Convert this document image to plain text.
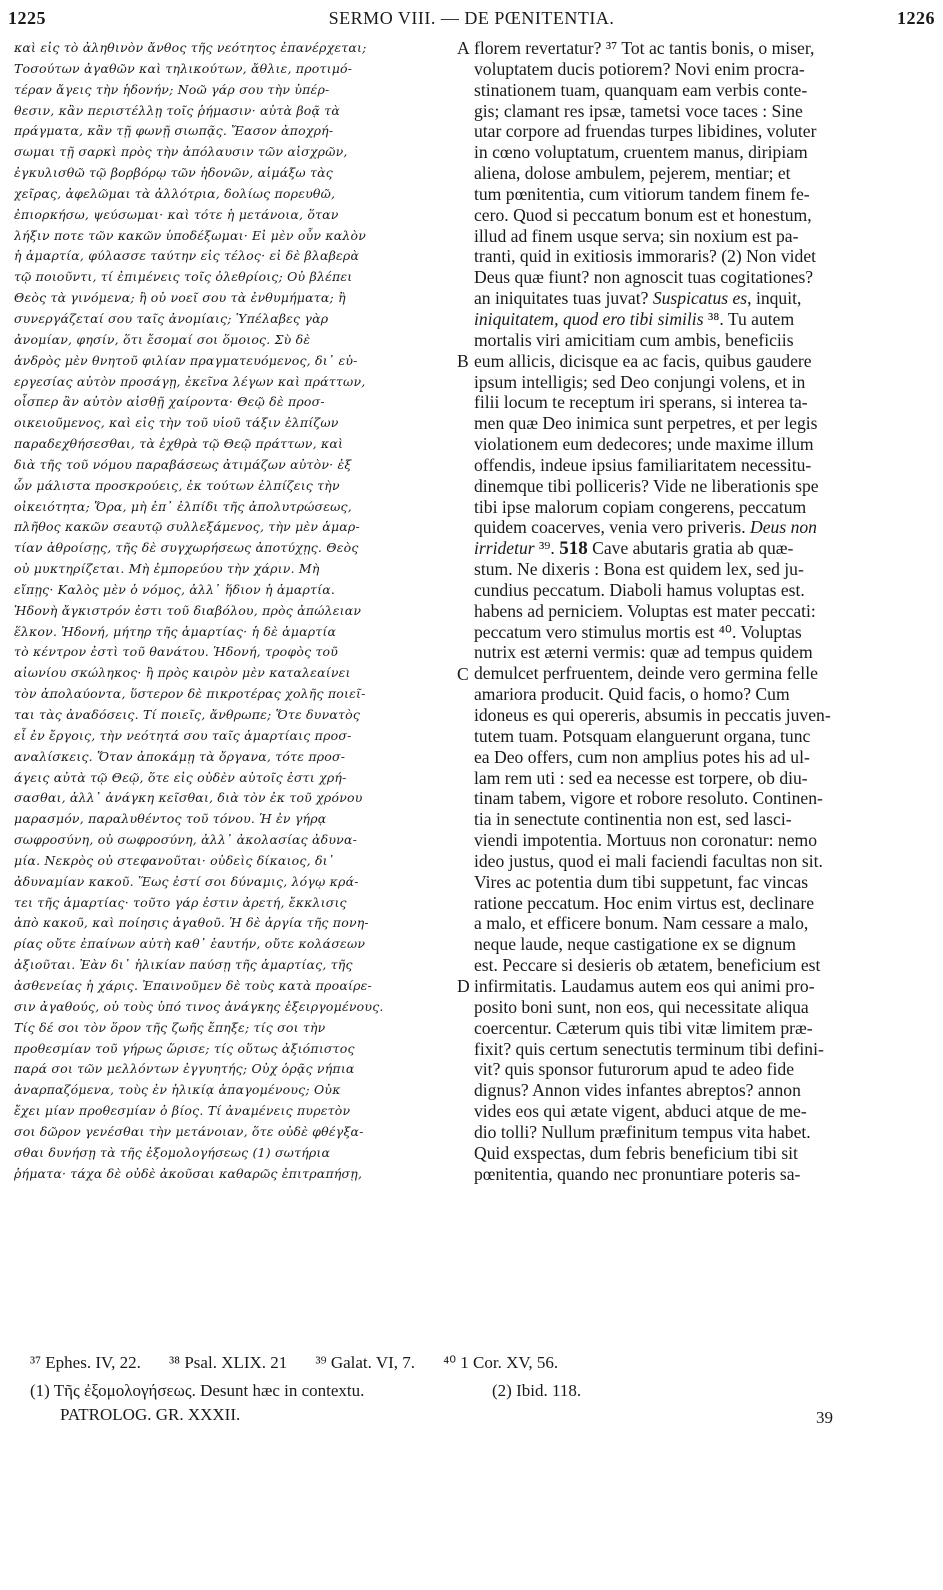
1225	SERMO VIII. — DE PŒNITENTIA.	1226
καὶ εἰς τὸ ἀληθινὸν ἄνθος τῆς νεότητος ἐπανέρχεται;
Τοσούτων ἀγαθῶν καὶ τηλικούτων, ἄθλιε, προτιμό-
τέραν ἄγεις τὴν ἡδονήν; Νοῶ γάρ σου τὴν ὑπέρ-
θεσιν, κἂν περιστέλλῃ τοῖς ῥήμασιν· αὐτὰ βοᾷ τὰ
πράγματα, κἂν τῇ φωνῇ σιωπᾷς. Ἔασον ἀποχρή-
σωμαι τῇ σαρκὶ πρὸς τὴν ἀπόλαυσιν τῶν αἰσχρῶν,
ἐγκυλισθῶ τῷ βορβόρῳ τῶν ἡδονῶν, αἱμάξω τὰς
χεῖρας, ἀφελῶμαι τὰ ἀλλότρια, δολίως πορευθῶ,
ἐπιορκήσω, ψεύσωμαι· καὶ τότε ἡ μετάνοια, ὅταν
λήξιν ποτε τῶν κακῶν ὑποδέξωμαι· Εἰ μὲν οὖν καλὸν
ἡ ἁμαρτία, φύλασσε ταύτην εἰς τέλος· εἰ δὲ βλαβερὰ
τῷ ποιοῦντι, τί ἐπιμένεις τοῖς ὀλεθρίοις; Οὐ βλέπει
Θεὸς τὰ γινόμενα; ἢ οὐ νοεῖ σου τὰ ἐνθυμήματα; ἢ
συνεργάζεταί σου ταῖς ἀνομίαις; Ὑπέλαβες γὰρ
ἀνομίαν, φησίν, ὅτι ἔσομαί σοι ὅμοιος. Σὺ δὲ
ἀνδρὸς μὲν θνητοῦ φιλίαν πραγματευόμενος, δι᾽ εὐ-
εργεσίας αὐτὸν προσάγῃ, ἐκεῖνα λέγων καὶ πράττων,
οἷσπερ ἂν αὐτὸν αἰσθῇ χαίροντα· Θεῷ δὲ προσ-
οικειοῦμενος, καὶ εἰς τὴν τοῦ υἱοῦ τάξιν ἐλπίζων
παραδεχθήσεσθαι, τὰ ἐχθρὰ τῷ Θεῷ πράττων, καὶ
διὰ τῆς τοῦ νόμου παραβάσεως ἀτιμάζων αὐτὸν· ἐξ
ὧν μάλιστα προσκρούεις, ἐκ τούτων ἐλπίζεις τὴν
οἰκειότητα; Ὅρα, μὴ ἐπ᾽ ἐλπίδι τῆς ἀπολυτρώσεως,
πλῆθος κακῶν σεαυτῷ συλλεξάμενος, τὴν μὲν ἁμαρ-
τίαν ἀθροίσῃς, τῆς δὲ συγχωρήσεως ἀποτύχῃς. Θεὸς
οὐ μυκτηρίζεται. Μὴ ἐμπορεύου τὴν χάριν. Μὴ
εἴπῃς· Καλὸς μὲν ὁ νόμος, ἀλλ᾽ ἥδιον ἡ ἁμαρτία.
Ἡδονὴ ἄγκιστρόν ἐστι τοῦ διαβόλου, πρὸς ἀπώλειαν
ἕλκον. Ἡδονή, μήτηρ τῆς ἁμαρτίας· ἡ δὲ ἁμαρτία
τὸ κέντρον ἐστὶ τοῦ θανάτου. Ἡδονή, τροφὸς τοῦ
αἰωνίου σκώληκος· ἢ πρὸς καιρὸν μὲν καταλεαίνει
τὸν ἀπολαύοντα, ὕστερον δὲ πικροτέρας χολῆς ποιεῖ-
ται τὰς ἀναδόσεις. Τί ποιεῖς, ἄνθρωπε; Ὅτε δυνατὸς
εἶ ἐν ἔργοις, τὴν νεότητά σου ταῖς ἁμαρτίαις προσ-
αναλίσκεις. Ὅταν ἀποκάμῃ τὰ ὄργανα, τότε προσ-
άγεις αὐτὰ τῷ Θεῷ, ὅτε εἰς οὐδὲν αὐτοῖς ἐστι χρή-
σασθαι, ἀλλ᾽ ἀνάγκη κεῖσθαι, διὰ τὸν ἐκ τοῦ χρόνου
μαρασμόν, παραλυθέντος τοῦ τόνου. Ἡ ἐν γήρᾳ
σωφροσύνη, οὐ σωφροσύνη, ἀλλ᾽ ἀκολασίας ἀδυνα-
μία. Νεκρὸς οὐ στεφανοῦται· οὐδεὶς δίκαιος, δι᾽
ἀδυναμίαν κακοῦ. Ἕως ἐστί σοι δύναμις, λόγῳ κρά-
τει τῆς ἁμαρτίας· τοῦτο γάρ ἐστιν ἀρετή, ἔκκλισις
ἀπὸ κακοῦ, καὶ ποίησις ἀγαθοῦ. Ἡ δὲ ἀργία τῆς πονη-
ρίας οὔτε ἐπαίνων αὐτὴ καθ᾽ ἑαυτήν, οὔτε κολάσεων
ἀξιοῦται. Ἐὰν δι᾽ ἡλικίαν παύσῃ τῆς ἁμαρτίας, τῆς
ἀσθενείας ἡ χάρις. Ἐπαινοῦμεν δὲ τοὺς κατὰ προαίρε-
σιν ἀγαθούς, οὐ τοὺς ὑπό τινος ἀνάγκης ἐξειργομένους.
Τίς δέ σοι τὸν ὅρον τῆς ζωῆς ἔπηξε; τίς σοι τὴν
προθεσμίαν τοῦ γήρως ὥρισε; τίς οὕτως ἀξιόπιστος
παρά σοι τῶν μελλόντων ἐγγυητής; Οὐχ ὁρᾷς νήπια
ἀναρπαζόμενα, τοὺς ἐν ἡλικίᾳ ἀπαγομένους; Οὐκ
ἔχει μίαν προθεσμίαν ὁ βίος. Τί ἀναμένεις πυρετὸν
σοι δῶρον γενέσθαι τὴν μετάνοιαν, ὅτε οὐδὲ φθέγξα-
σθαι δυνήσῃ τὰ τῆς ἐξομολογήσεως (1) σωτήρια
ῥήματα· τάχα δὲ οὐδὲ ἀκοῦσαι καθαρῶς ἐπιτραπήσῃ,
A
B
C
D
florem revertatur? ³⁷ Tot ac tantis bonis, o miser,
voluptatem ducis potiorem? Novi enim procra-
stinationem tuam, quanquam eam verbis conte-
gis; clamant res ipsæ, tametsi voce taces : Sine
utar corpore ad fruendas turpes libidines, voluter
in cœno voluptatum, cruentem manus, diripiam
aliena, dolose ambulem, pejerem, mentiar; et
tum pœnitentia, cum vitiorum tandem finem fe-
cero. Quod si peccatum bonum est et honestum,
illud ad finem usque serva; sin noxium est pa-
tranti, quid in exitiosis immoraris? (2) Non videt
Deus quæ fiunt? non agnoscit tuas cogitationes?
an iniquitates tuas juvat? Suspicatus es, inquit,
iniquitatem, quod ero tibi similis ³⁸. Tu autem
mortalis viri amicitiam cum ambis, beneficiis
eum allicis, dicisque ea ac facis, quibus gaudere
ipsum intelligis; sed Deo conjungi volens, et in
filii locum te receptum iri sperans, si interea ta-
men quæ Deo inimica sunt perpetres, et per legis
violationem eum dedecores; unde maxime illum
offendis, indeue ipsius familiaritatem necessitu-
dinemque tibi polliceris? Vide ne liberationis spe
tibi ipse malorum copiam congerens, peccatum
quidem coacerves, venia vero priveris. Deus non
irridetur ³⁹. 518 Cave abutaris gratia ab quæ-
stum. Ne dixeris : Bona est quidem lex, sed ju-
cundius peccatum. Diaboli hamus voluptas est.
habens ad perniciem. Voluptas est mater peccati:
peccatum vero stimulus mortis est ⁴⁰. Voluptas
nutrix est æterni vermis: quæ ad tempus quidem
demulcet perfruentem, deinde vero germina felle
amariora producit. Quid facis, o homo? Cum
idoneus es qui opereris, absumis in peccatis juven-
tutem tuam. Potsquam elanguerunt organa, tunc
ea Deo offers, cum non amplius potes his ad ul-
lam rem uti : sed ea necesse est torpere, ob diu-
tinam tabem, vigore et robore resoluto. Continen-
tia in senectute continentia non est, sed lasci-
viendi impotentia. Mortuus non coronatur: nemo
ideo justus, quod ei mali faciendi facultas non sit.
Vires ac potentia dum tibi suppetunt, fac vincas
ratione peccatum. Hoc enim virtus est, declinare
a malo, et efficere bonum. Nam cessare a malo,
neque laude, neque castigatione ex se dignum
est. Peccare si desieris ob ætatem, beneficium est
infirmitatis. Laudamus autem eos qui animi pro-
posito boni sunt, non eos, qui necessitate aliqua
coercentur. Cæterum quis tibi vitæ limitem præ-
fixit? quis certum senectutis terminum tibi defini-
vit? quis sponsor futurorum apud te adeo fide
dignus? Annon vides infantes abreptos? annon
vides eos qui ætate vigent, abduci atque de me-
dio tolli? Nullum præfinitum tempus vita habet.
Quid exspectas, dum febris beneficium tibi sit
pœnitentia, quando nec pronuntiare poteris sa-
³⁷ Ephes. IV, 22. ³⁸ Psal. XLIX. 21 ³⁹ Galat. VI, 7. ⁴⁰ 1 Cor. XV, 56.
(1) Τῆς ἐξομολογήσεως. Desunt hæc in contextu.	(2) Ibid. 118.
PATROLOG. GR. XXXII.	39
